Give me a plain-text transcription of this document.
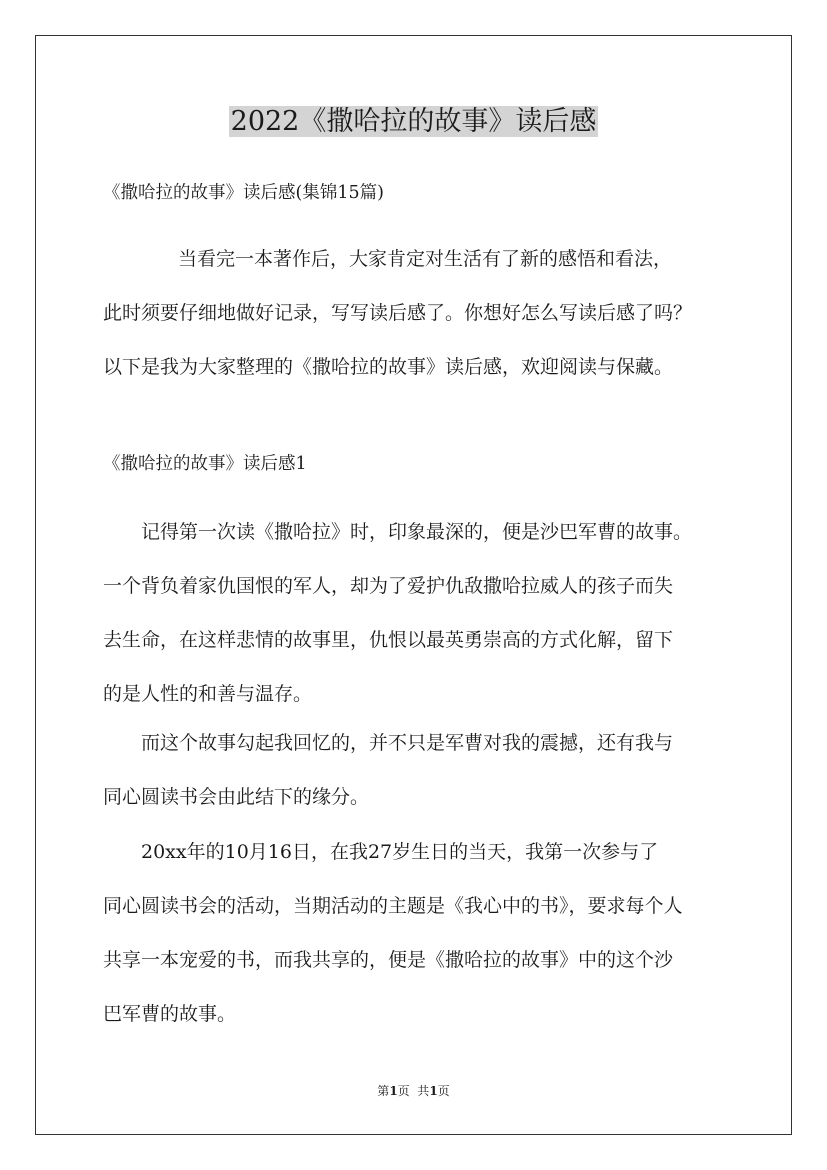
2022《撒哈拉的故事》读后感

《撒哈拉的故事》读后感(集锦15篇)

当看完一本著作后，大家肯定对生活有了新的感悟和看法，
此时须要仔细地做好记录，写写读后感了。你想好怎么写读后感了吗？
以下是我为大家整理的《撒哈拉的故事》读后感，欢迎阅读与保藏。

《撒哈拉的故事》读后感1

记得第一次读《撒哈拉》时，印象最深的，便是沙巴军曹的故事。
一个背负着家仇国恨的军人，却为了爱护仇敌撒哈拉威人的孩子而失
去生命，在这样悲情的故事里，仇恨以最英勇崇高的方式化解，留下
的是人性的和善与温存。
而这个故事勾起我回忆的，并不只是军曹对我的震撼，还有我与
同心圆读书会由此结下的缘分。
20xx年的10月16日，在我27岁生日的当天，我第一次参与了
同心圆读书会的活动，当期活动的主题是《我心中的书》，要求每个人
共享一本宠爱的书，而我共享的，便是《撒哈拉的故事》中的这个沙
巴军曹的故事。
第1页  共1页
